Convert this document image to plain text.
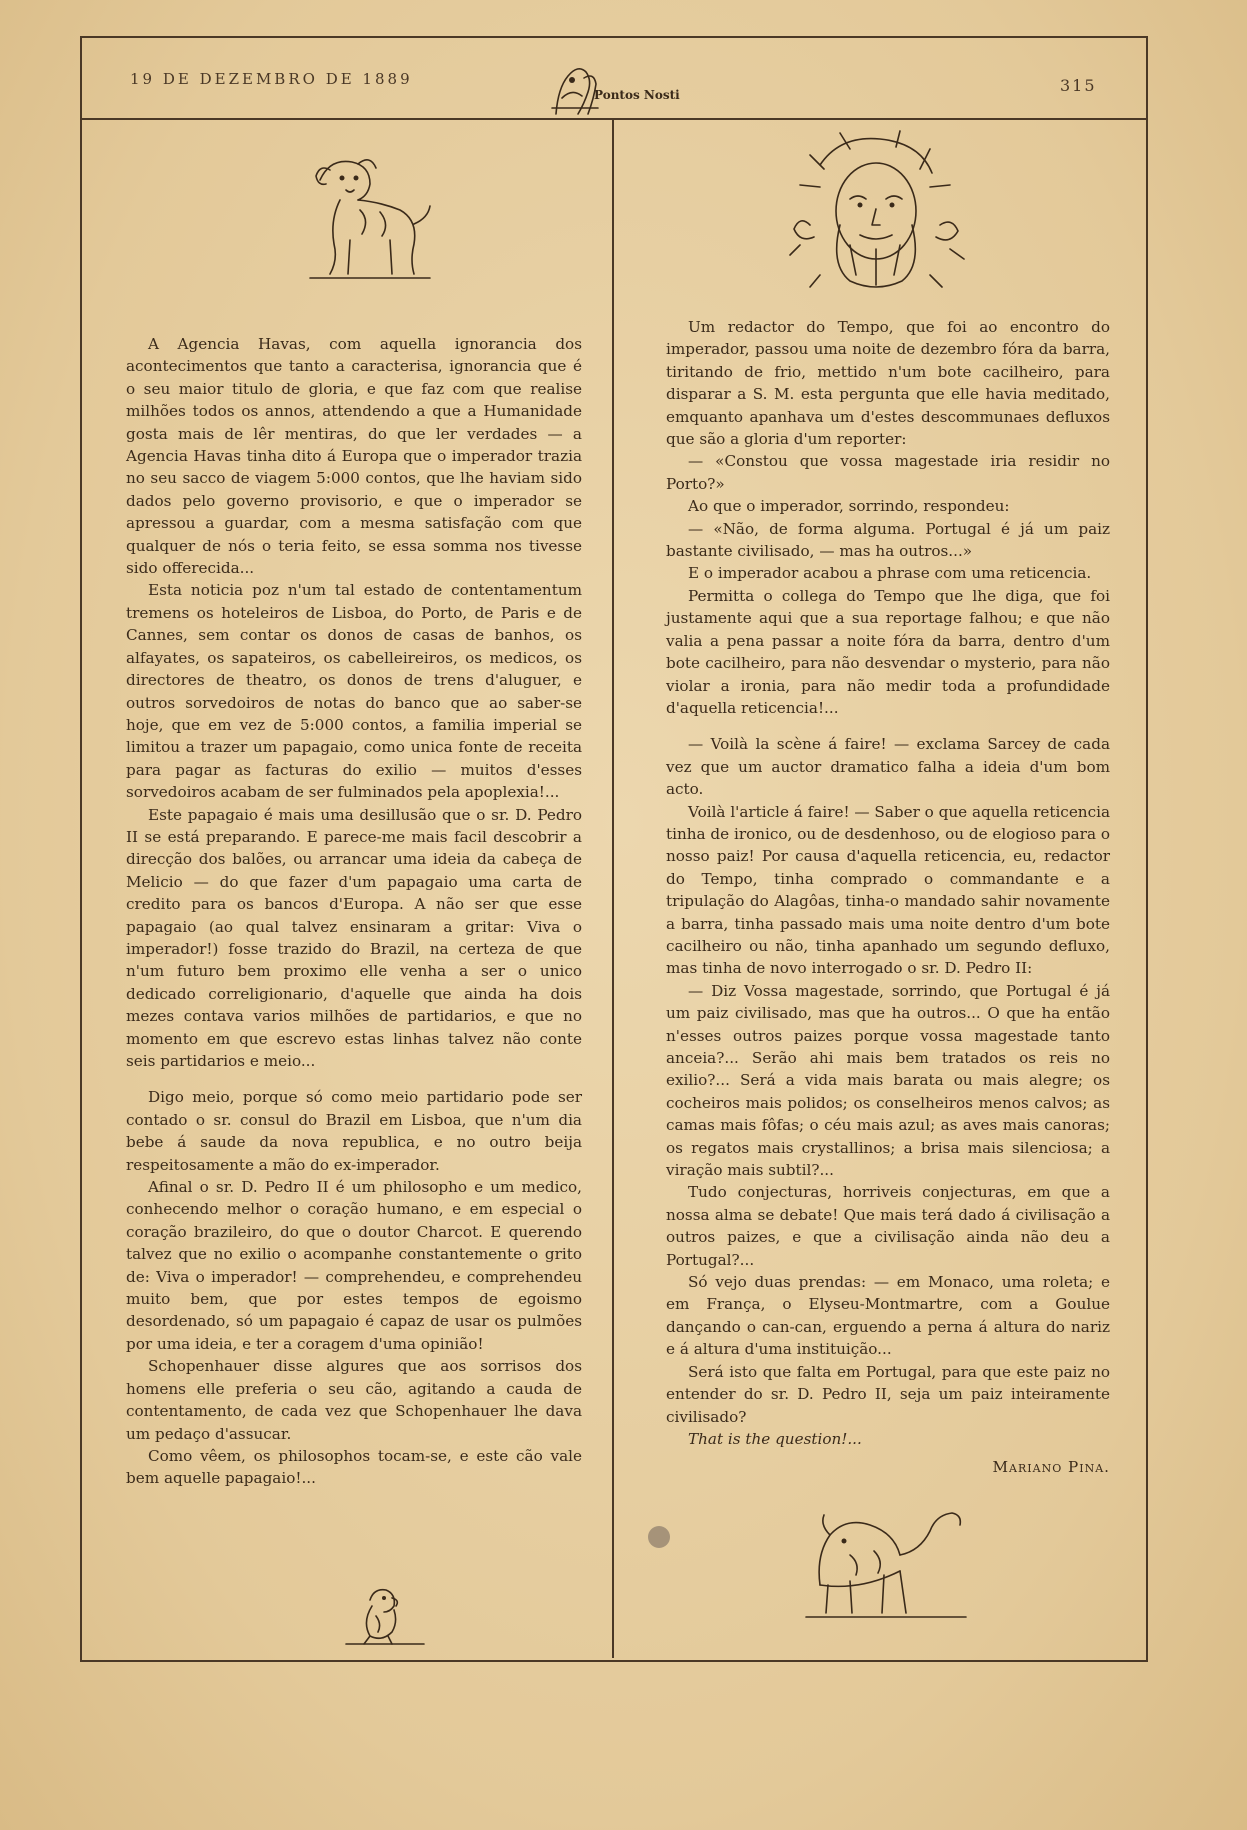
19 DE DEZEMBRO DE 1889
Pontos Nosti	315

A Agencia Havas, com aquella ignorancia dos acontecimentos que tanto a caracterisa, ignorancia que é o seu maior titulo de gloria, e que faz com que realise milhões todos os annos, attendendo a que a Humanidade gosta mais de lêr mentiras, do que ler verdades — a Agencia Havas tinha dito á Europa que o imperador trazia no seu sacco de viagem 5:000 contos, que lhe haviam sido dados pelo governo provisorio, e que o imperador se apressou a guardar, com a mesma satisfação com que qualquer de nós o teria feito, se essa somma nos tivesse sido offerecida...

Esta noticia poz n'um tal estado de contentamentum tremens os hoteleiros de Lisboa, do Porto, de Paris e de Cannes, sem contar os donos de casas de banhos, os alfayates, os sapateiros, os cabelleireiros, os medicos, os directores de theatro, os donos de trens d'aluguer, e outros sorvedoiros de notas do banco que ao saber-se hoje, que em vez de 5:000 contos, a familia imperial se limitou a trazer um papagaio, como unica fonte de receita para pagar as facturas do exilio — muitos d'esses sorvedoiros acabam de ser fulminados pela apoplexia!...

Este papagaio é mais uma desillusão que o sr. D. Pedro II se está preparando. E parece-me mais facil descobrir a direcção dos balões, ou arrancar uma ideia da cabeça de Melicio — do que fazer d'um papagaio uma carta de credito para os bancos d'Europa. A não ser que esse papagaio (ao qual talvez ensinaram a gritar: Viva o imperador!) fosse trazido do Brazil, na certeza de que n'um futuro bem proximo elle venha a ser o unico dedicado correligionario, d'aquelle que ainda ha dois mezes contava varios milhões de partidarios, e que no momento em que escrevo estas linhas talvez não conte seis partidarios e meio...

Digo meio, porque só como meio partidario pode ser contado o sr. consul do Brazil em Lisboa, que n'um dia bebe á saude da nova republica, e no outro beija respeitosamente a mão do ex-imperador.

Afinal o sr. D. Pedro II é um philosopho e um medico, conhecendo melhor o coração humano, e em especial o coração brazileiro, do que o doutor Charcot. E querendo talvez que no exilio o acompanhe constantemente o grito de: Viva o imperador! — comprehendeu, e comprehendeu muito bem, que por estes tempos de egoismo desordenado, só um papagaio é capaz de usar os pulmões por uma ideia, e ter a coragem d'uma opinião!

Schopenhauer disse algures que aos sorrisos dos homens elle preferia o seu cão, agitando a cauda de contentamento, de cada vez que Schopenhauer lhe dava um pedaço d'assucar.

Como vêem, os philosophos tocam-se, e este cão vale bem aquelle papagaio!...

Um redactor do Tempo, que foi ao encontro do imperador, passou uma noite de dezembro fóra da barra, tiritando de frio, mettido n'um bote cacilheiro, para disparar a S. M. esta pergunta que elle havia meditado, emquanto apanhava um d'estes descommunaes defluxos que são a gloria d'um reporter:

— «Constou que vossa magestade iria residir no Porto?»

Ao que o imperador, sorrindo, respondeu:

— «Não, de forma alguma. Portugal é já um paiz bastante civilisado, — mas ha outros...»

E o imperador acabou a phrase com uma reticencia.

Permitta o collega do Tempo que lhe diga, que foi justamente aqui que a sua reportage falhou; e que não valia a pena passar a noite fóra da barra, dentro d'um bote cacilheiro, para não desvendar o mysterio, para não violar a ironia, para não medir toda a profundidade d'aquella reticencia!...

— Voilà la scène á faire! — exclama Sarcey de cada vez que um auctor dramatico falha a ideia d'um bom acto.

Voilà l'article á faire! — Saber o que aquella reticencia tinha de ironico, ou de desdenhoso, ou de elogioso para o nosso paiz! Por causa d'aquella reticencia, eu, redactor do Tempo, tinha comprado o commandante e a tripulação do Alagôas, tinha-o mandado sahir novamente a barra, tinha passado mais uma noite dentro d'um bote cacilheiro ou não, tinha apanhado um segundo defluxo, mas tinha de novo interrogado o sr. D. Pedro II:

— Diz Vossa magestade, sorrindo, que Portugal é já um paiz civilisado, mas que ha outros... O que ha então n'esses outros paizes porque vossa magestade tanto anceia?... Serão ahi mais bem tratados os reis no exilio?... Será a vida mais barata ou mais alegre; os cocheiros mais polidos; os conselheiros menos calvos; as camas mais fôfas; o céu mais azul; as aves mais canoras; os regatos mais crystallinos; a brisa mais silenciosa; a viração mais subtil?...

Tudo conjecturas, horriveis conjecturas, em que a nossa alma se debate! Que mais terá dado á civilisação a outros paizes, e que a civilisação ainda não deu a Portugal?...

Só vejo duas prendas: — em Monaco, uma roleta; e em França, o Elyseu-Montmartre, com a Goulue dançando o can-can, erguendo a perna á altura do nariz e á altura d'uma instituição...

Será isto que falta em Portugal, para que este paiz no entender do sr. D. Pedro II, seja um paiz inteiramente civilisado?

That is the question!...

Mariano Pina.
